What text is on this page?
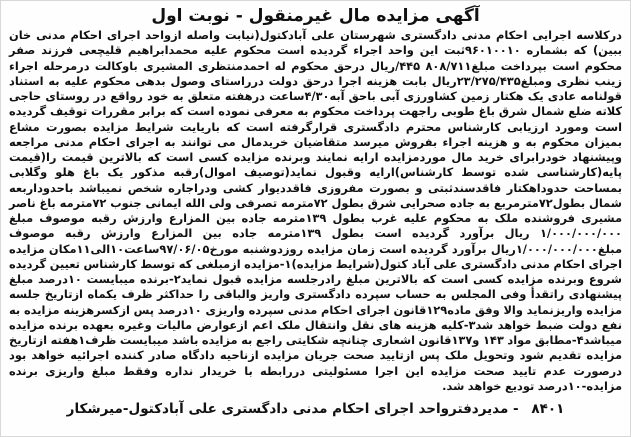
آگهی مزایده مال غیرمنقول - نوبت اول

درکلاسه اجرایی احکام مدنی دادگستری شهرستان علی آبادکتول(نیابت واصله ازواحد اجرای احکام مدنی خان ببین) که بشماره ۹۶۰۱۰۰۱۰ثبت این واحد اجراء گردیده است محکوم علیه محمدابراهیم قلیچعی فرزند صفر محکوم است بپرداخت مبلغ۸۰۸/۷۱۱ ۴۴۵/ریال درحق محکوم له احمدمنتظری المشیری باوکالت درمرحله اجراء زینب نظری ومبلغ۲۳/۲۷۵/۴۳۵ریال بابت هزینه اجرا درحق دولت درراستای وصول بدهی محکوم علیه به استناد قولنامه عادی یک هکتار زمین کشاورزی آبی باحق آبه۴/۳۰ساعت درهفته متعلق به خود رواقع در روستای حاجی کلاته ضلع شمال شرق باغ طوبی راجهت پرداخت محکوم به معرفی نموده است که برابر مقررات توقیف گردیده است ومورد ارزیابی کارشناس محترم دادگستری قرارگرفته است که باریایت شرایط مزایده بصورت مشاع بمیزان محکوم به و هزینه اجراء بفروش میرسد متقاضیان خریدمال می توانند به اجرای احکام مدنی مراجعه وپیشنهاد خودرابرای خرید مال موردمزایده ارایه نمایند وبرنده مزایده کسی است که بالاترین قیمت را(قیمت پایه(کارشناسی شده توسط کارشناس)ارایه وقبول نماید(توصیف اموال)رقبه مذکور یک باغ هلو وگلابی بمساحت حدوداهکتار فاقدسندثبتی و بصورت مفروزی فاقددیوار کشی ودراجاره شخص نمیباشد باحدوداربعه شمال بطول۷۲مترمربع به جاده صحرایی شرق بطول ۷۲مترمه تصرفی ولی الله ایمانی جنوب ۷۲مترمه باغ ناصر مشیری فروشنده ملک به محکوم علیه غرب بطول ۱۳۹مترمه جاده بین المزارع وارزش رقبه موصوف مبلغ ۱/۰۰۰/۰۰۰/۰۰۰ ریال برآورد گردیده است بطول ۱۳۹مترمه جاده بین المزارع وارزش رقبه موصوف مبلغ۱/۰۰۰/۰۰۰/۰۰۰ریال برآورد گردیده است زمان مزایده روزدوشنبه مورخ۹۷/۰۶/۰۵ساعت۱۰الی۱۱مکان مزایده اجرای احکام مدنی دادگستری علی آباد کتول(شرایط مزایده)۱-مزایده ازمبلغی که توسط کارشناس تعیین گردیده شروع وبرنده مزایده کسی است که بالاترین مبلغ رادرجلسه مزایده قبول نماید۲-برنده میبایست ۱۰درصد مبلغ پیشنهادی راتقدأ وفی المجلس به حساب سپرده دادگستری واریز والباقی را حداکثر ظرف یکماه ازتاریخ جلسه مزایده واریزنماید والا وفق ماده۱۲۹قانون اجرای احکام مدنی سپرده واریزی ۱۰درصد پس ازکسرهزینه مزایده به نفع دولت ضبط خواهد شد۳-کلیه هزینه های نقل وانتقال ملک اعم ازعوارض مالیات وغیره بعهده برنده مزایده میباشد۴-مطابق مواد ۱۴۳ و۱۳۷قانون اشعاری چنانچه شکایتی راجع به مزایده باشد میبایست ظرف۱هفته ازتاریخ مزایده تقدیم شود وتحویل ملک پس ازتایید صحت جریان مزایده ازناحیه دادگاه صادر کننده اجرائیه خواهد بود درصورت عدم تایید صحت مزایده این اجرا مسئولیتی دررابطه با خریدار نداره وفقط مبلغ واریزی برنده مزایده-۱۰درصد تودیع خواهد شد.

۸۴۰۱ - مدیردفترواحد اجرای احکام مدنی دادگستری علی آبادکتول-میرشکار
